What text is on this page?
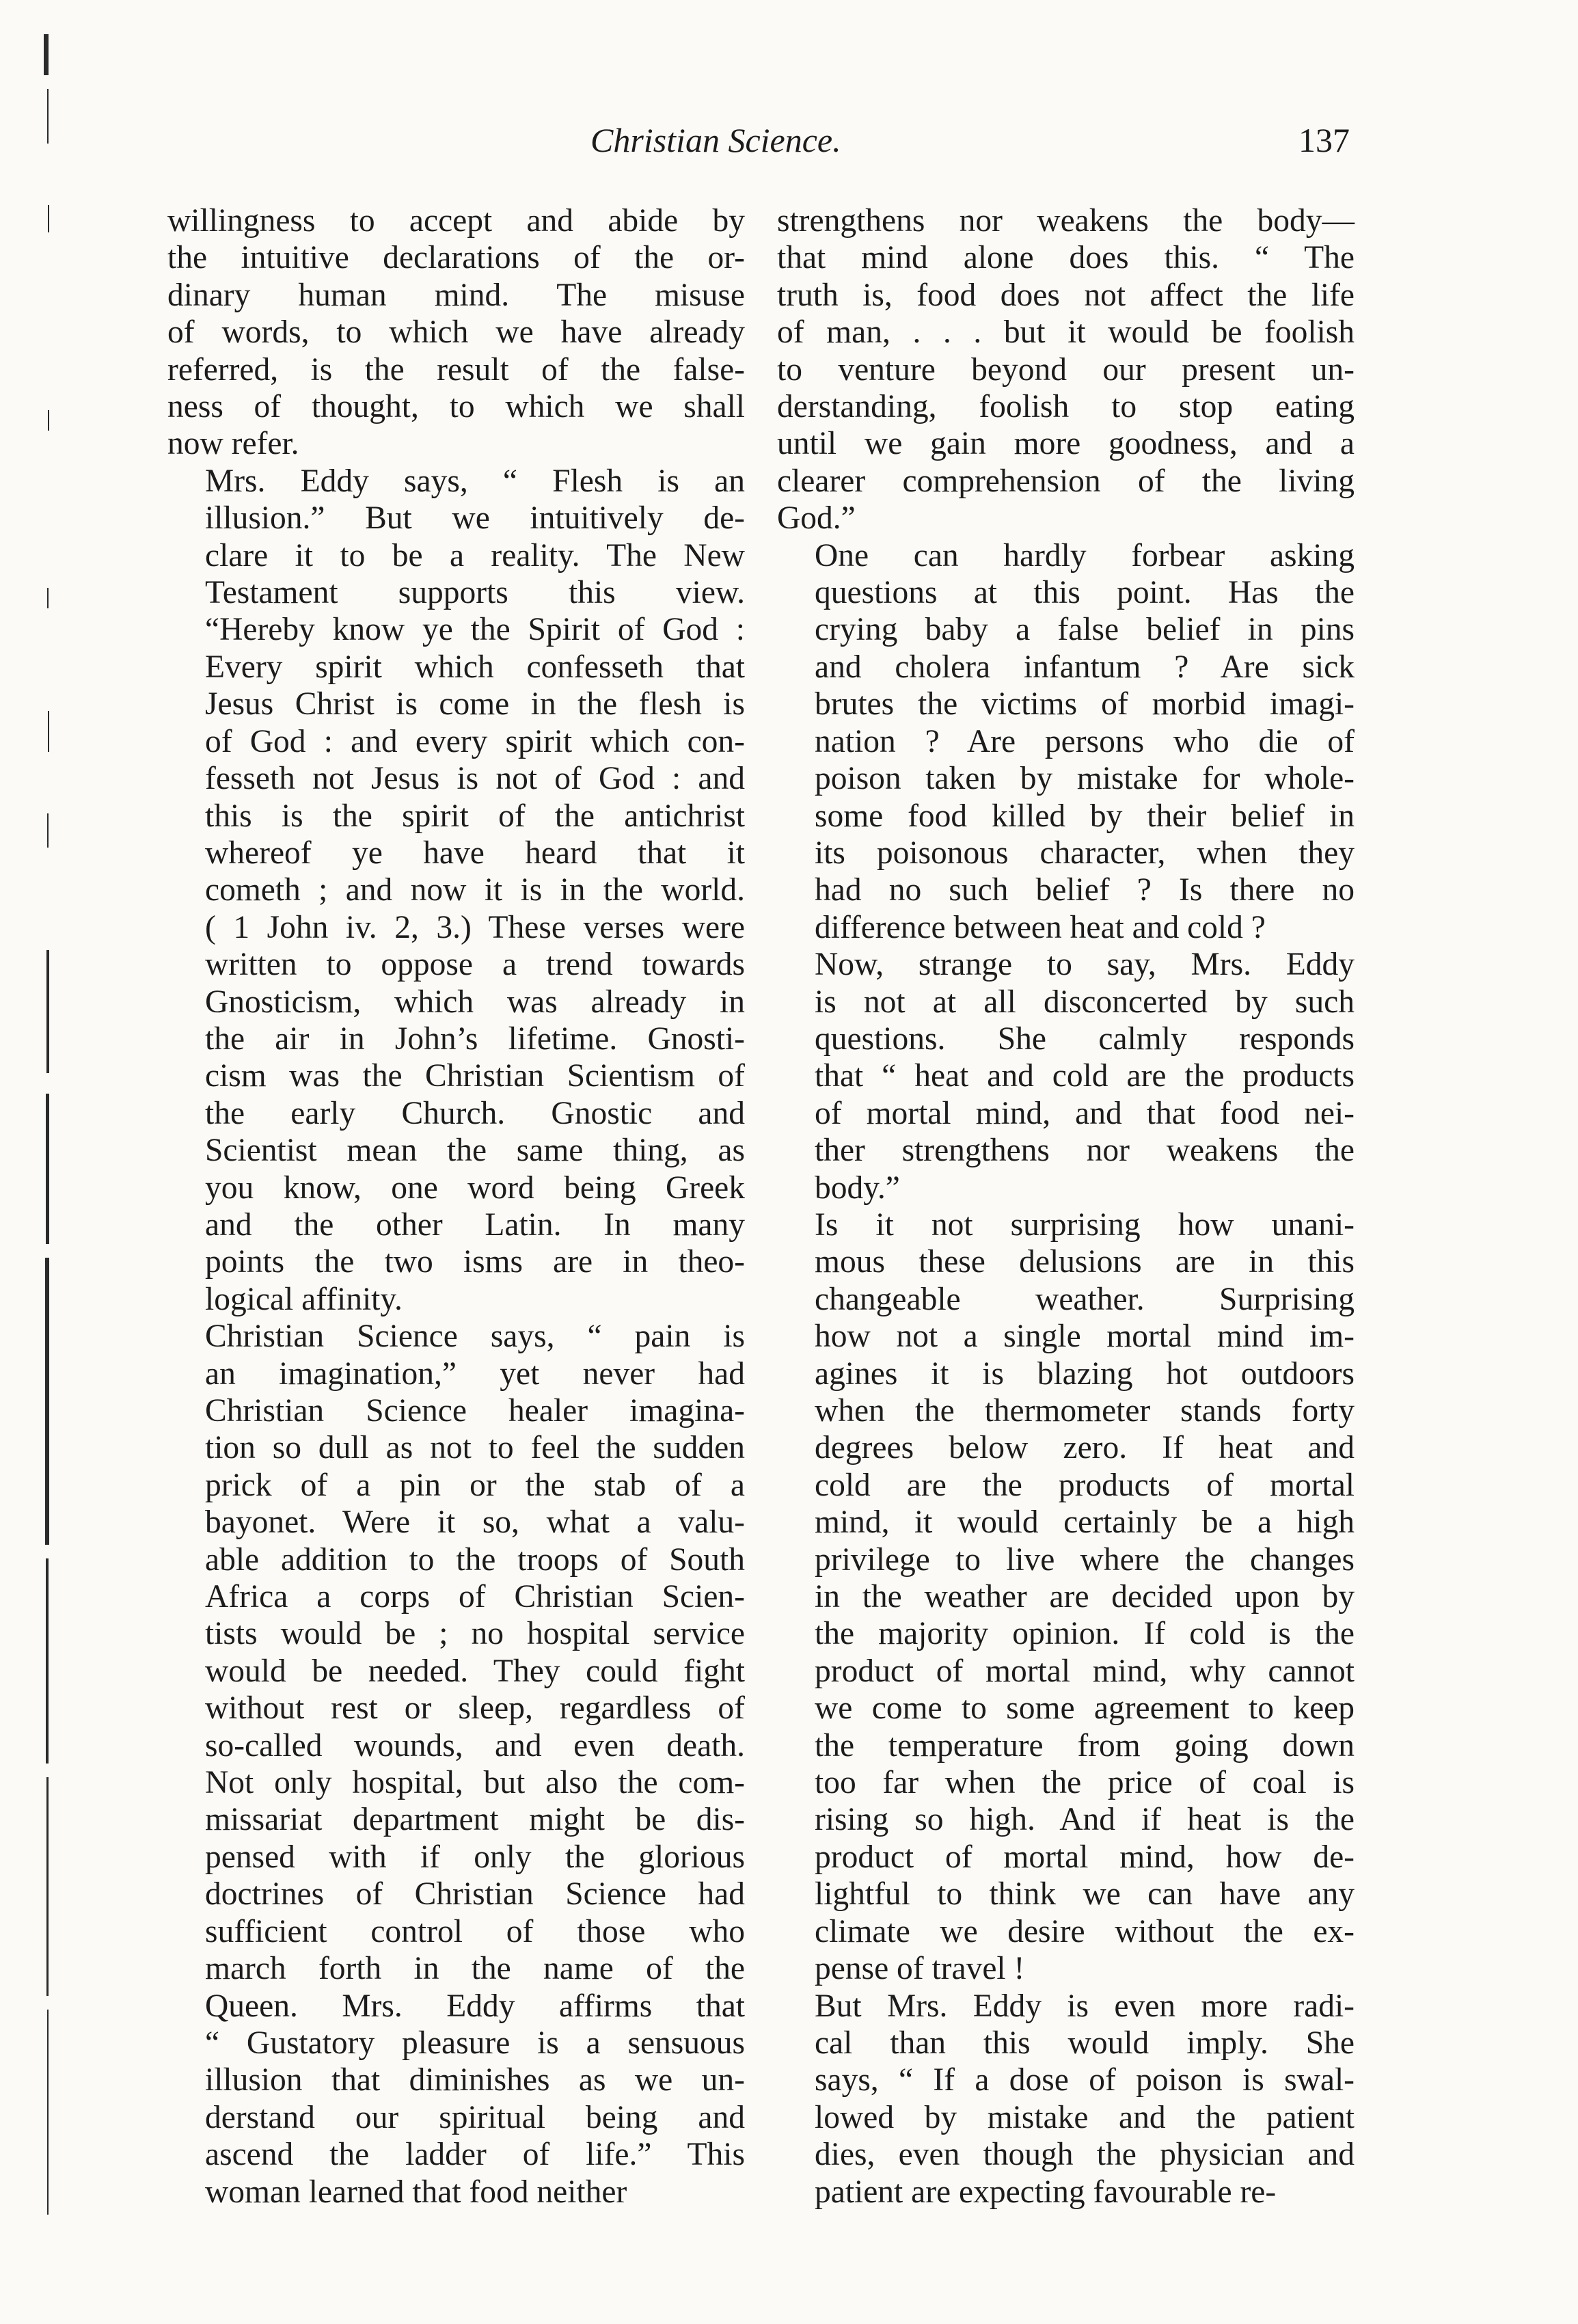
Christian Science.	137

willingness to accept and abide by
the intuitive declarations of the or-
dinary human mind. The misuse
of words, to which we have already
referred, is the result of the false-
ness of thought, to which we shall
now refer.

Mrs. Eddy says, “ Flesh is an
illusion.” But we intuitively de-
clare it to be a reality. The New
Testament supports this view.
“Hereby know ye the Spirit of God :
Every spirit which confesseth that
Jesus Christ is come in the flesh is
of God : and every spirit which con-
fesseth not Jesus is not of God : and
this is the spirit of the antichrist
whereof ye have heard that it
cometh ; and now it is in the world.
( 1 John iv. 2, 3.) These verses were
written to oppose a trend towards
Gnosticism, which was already in
the air in John’s lifetime. Gnosti-
cism was the Christian Scientism of
the early Church. Gnostic and
Scientist mean the same thing, as
you know, one word being Greek
and the other Latin. In many
points the two isms are in theo-
logical affinity.

Christian Science says, “ pain is
an imagination,” yet never had
Christian Science healer imagina-
tion so dull as not to feel the sudden
prick of a pin or the stab of a
bayonet. Were it so, what a valu-
able addition to the troops of South
Africa a corps of Christian Scien-
tists would be ; no hospital service
would be needed. They could fight
without rest or sleep, regardless of
so-called wounds, and even death.
Not only hospital, but also the com-
missariat department might be dis-
pensed with if only the glorious
doctrines of Christian Science had
sufficient control of those who
march forth in the name of the
Queen. Mrs. Eddy affirms that
“ Gustatory pleasure is a sensuous
illusion that diminishes as we un-
derstand our spiritual being and
ascend the ladder of life.” This
woman learned that food neither

strengthens nor weakens the body—
that mind alone does this. “ The
truth is, food does not affect the life
of man, . . . but it would be foolish
to venture beyond our present un-
derstanding, foolish to stop eating
until we gain more goodness, and a
clearer comprehension of the living
God.”

One can hardly forbear asking
questions at this point. Has the
crying baby a false belief in pins
and cholera infantum ? Are sick
brutes the victims of morbid imagi-
nation ? Are persons who die of
poison taken by mistake for whole-
some food killed by their belief in
its poisonous character, when they
had no such belief ? Is there no
difference between heat and cold ?

Now, strange to say, Mrs. Eddy
is not at all disconcerted by such
questions. She calmly responds
that “ heat and cold are the products
of mortal mind, and that food nei-
ther strengthens nor weakens the
body.”

Is it not surprising how unani-
mous these delusions are in this
changeable weather. Surprising
how not a single mortal mind im-
agines it is blazing hot outdoors
when the thermometer stands forty
degrees below zero. If heat and
cold are the products of mortal
mind, it would certainly be a high
privilege to live where the changes
in the weather are decided upon by
the majority opinion. If cold is the
product of mortal mind, why cannot
we come to some agreement to keep
the temperature from going down
too far when the price of coal is
rising so high. And if heat is the
product of mortal mind, how de-
lightful to think we can have any
climate we desire without the ex-
pense of travel !

But Mrs. Eddy is even more radi-
cal than this would imply. She
says, “ If a dose of poison is swal-
lowed by mistake and the patient
dies, even though the physician and
patient are expecting favourable re-
